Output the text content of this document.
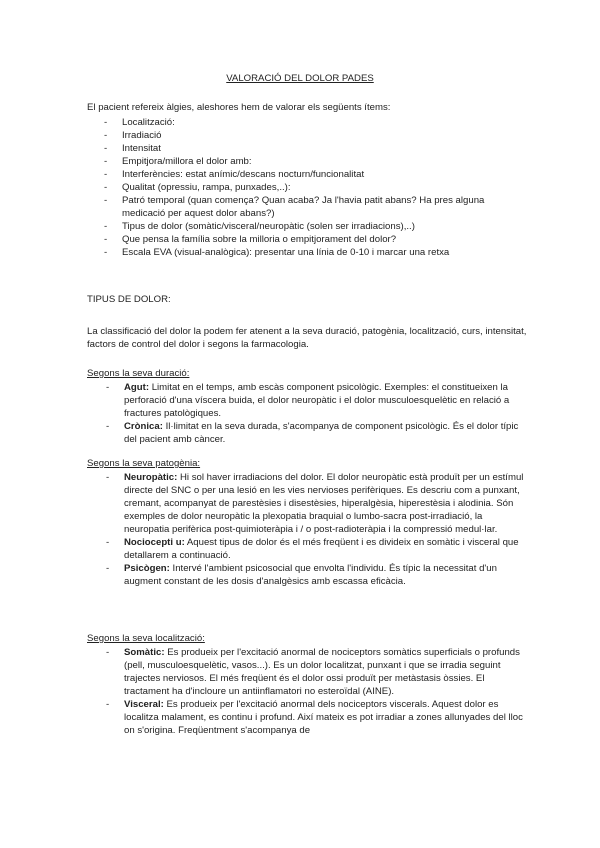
VALORACIÓ DEL DOLOR PADES
El pacient refereix àlgies, aleshores hem de valorar els següents ítems:
- Localització:
- Irradiació
- Intensitat
- Empitjora/millora el dolor amb:
- Interferències: estat anímic/descans nocturn/funcionalitat
- Qualitat (opressiu, rampa, punxades,..):
- Patró temporal (quan comença? Quan acaba? Ja l'havia patit abans? Ha pres alguna medicació per aquest dolor abans?)
- Tipus de dolor (somàtic/visceral/neuropàtic (solen ser irradiacions),..)
- Que pensa la família sobre la milloria o empitjorament del dolor?
- Escala EVA (visual-analògica): presentar una línia de 0-10 i marcar una retxa
TIPUS DE DOLOR:
La classificació del dolor la podem fer atenent a la seva duració, patogènia, localització, curs, intensitat, factors de control del dolor i segons la farmacologia.
Segons la seva duració:
- Agut: Limitat en el temps, amb escàs component psicològic. Exemples: el constitueixen la perforació d'una víscera buida, el dolor neuropàtic i el dolor musculoesquelètic en relació a fractures patològiques.
- Crònica: Il·limitat en la seva durada, s'acompanya de component psicològic. És el dolor típic del pacient amb càncer.
Segons la seva patogènia:
- Neuropàtic: Hi sol haver irradiacions del dolor. El dolor neuropàtic està produït per un estímul directe del SNC o per una lesió en les vies nervioses perifèriques. Es descriu com a punxant, cremant, acompanyat de parestèsies i disestèsies, hiperalgèsia, hiperestèsia i alodinia. Són exemples de dolor neuropàtic la plexopatia braquial o lumbo-sacra post-irradiació, la neuropatia perifèrica post-quimioteràpia i / o post-radioteràpia i la compressió medul·lar.
- Nociocepti u: Aquest tipus de dolor és el més freqüent i es divideix en somàtic i visceral que detallarem a continuació.
- Psicògen: Intervé l'ambient psicosocial que envolta l'individu. És típic la necessitat d'un augment constant de les dosis d'analgèsics amb escassa eficàcia.
Segons la seva localització:
- Somàtic: Es produeix per l'excitació anormal de nociceptors somàtics superficials o profunds (pell, musculoesquelètic, vasos...). Es un dolor localitzat, punxant i que se irradia seguint trajectes nerviosos. El més freqüent és el dolor ossi produït per metàstasis òssies. El tractament ha d'incloure un antiinflamatori no esteroïdal (AINE).
- Visceral: Es produeix per l'excitació anormal dels nociceptors viscerals. Aquest dolor es localitza malament, es continu i profund. Així mateix es pot irradiar a zones allunyades del lloc on s'origina. Freqüentment s'acompanya de
